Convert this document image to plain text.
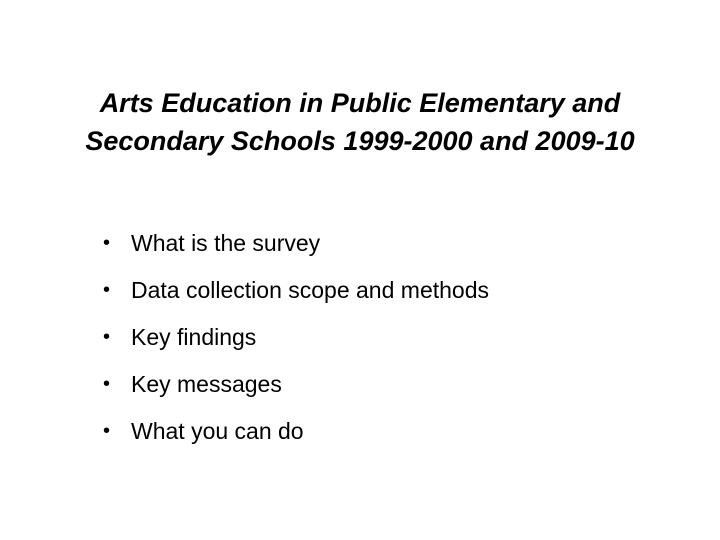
Arts Education in Public Elementary and
Secondary Schools 1999-2000 and 2009-10
• What is the survey
• Data collection scope and methods
• Key findings
• Key messages
• What you can do
